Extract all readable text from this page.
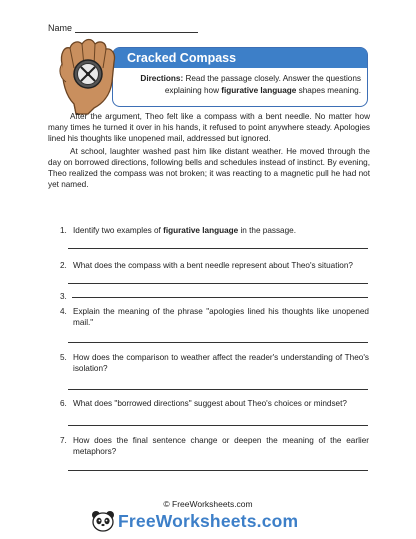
Name
Cracked Compass
Directions: Read the passage closely. Answer the questions explaining how figurative language shapes meaning.

After the argument, Theo felt like a compass with a bent needle. No matter how many times he turned it over in his hands, it refused to point anywhere steady. Apologies lined his thoughts like unopened mail, addressed but ignored.

At school, laughter washed past him like distant weather. He moved through the day on borrowed directions, following bells and schedules instead of instinct. By evening, Theo realized the compass was not broken; it was reacting to a magnetic pull he had not yet named.

1. Identify two examples of figurative language in the passage.
2. What does the compass with a bent needle represent about Theo's situation?
3.
4. Explain the meaning of the phrase "apologies lined his thoughts like unopened mail."
5. How does the comparison to weather affect the reader's understanding of Theo's isolation?
6. What does "borrowed directions" suggest about Theo's choices or mindset?
7. How does the final sentence change or deepen the meaning of the earlier metaphors?
© FreeWorksheets.com
FreeWorksheets.com
